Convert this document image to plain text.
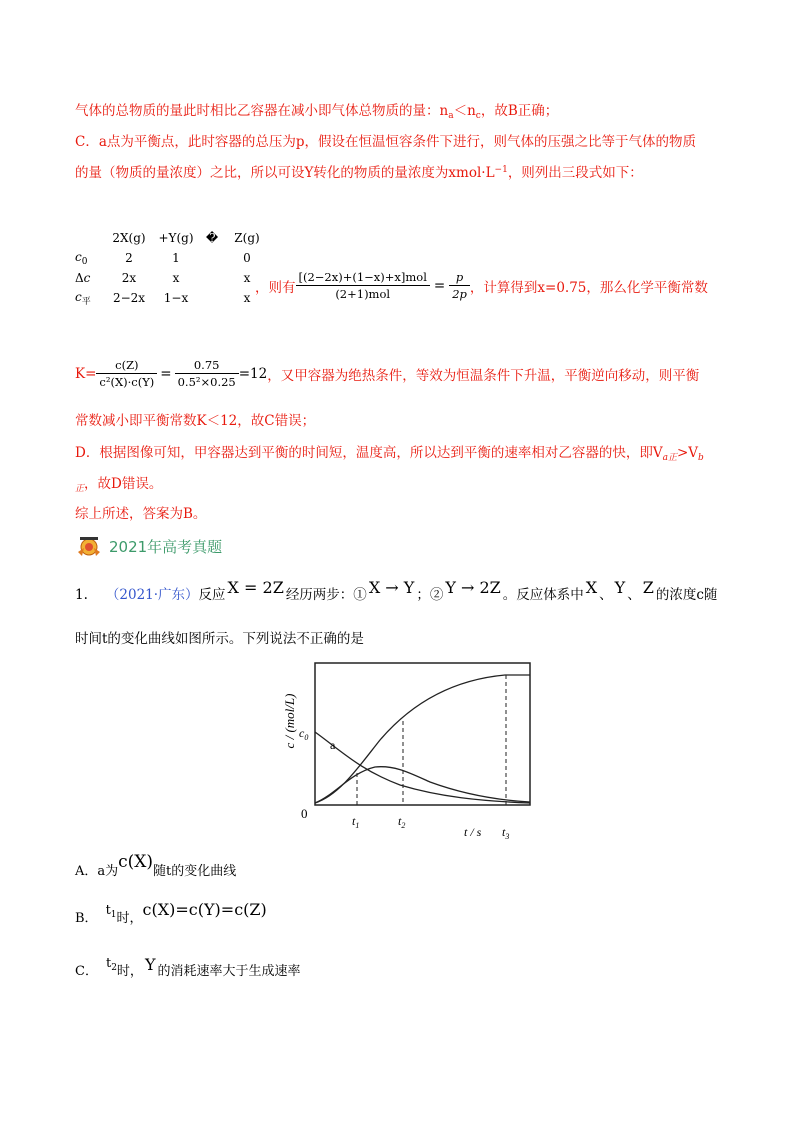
气体的总物质的量此时相比乙容器在减小即气体总物质的量：$n_a<n_c$，故B正确；
C．a点为平衡点，此时容器的总压为p，假设在恒温恒容条件下进行，则气体的压强之比等于气体的物质
的量（物质的量浓度）之比，所以可设Y转化的物质的量浓度为$xmol\cdot L^{-1}$，则列出三段式如下：
	2X(g)	+Y(g)	�	Z(g)
$c_0$	2	1		0
Δc	2x	x		x
$c_平$	2−2x	1−x		x
，则有 $\frac{\text{[(2−2x)+(1−x)+x]mol}}{\text{(2+1)mol}} = \frac{p}{2p}$ ，计算得到x=0.75，那么化学平衡常数
$K= \frac{c(Z)}{\text{c²(X)·c(Y)}} = \frac{0.75}{\text{0.5²×0.25}} =12$ ，又甲容器为绝热条件，等效为恒温条件下升温，平衡逆向移动，则平衡
常数减小即平衡常数K＜12，故C错误；
D．根据图像可知，甲容器达到平衡的时间短，温度高，所以达到平衡的速率相对乙容器的快，即$V_{a正}>V_b$
$_正$，故D错误。
综上所述，答案为B。
2021年高考真题
1. （2021·广东） 反应 X = 2Z 经历两步：① X → Y ；② Y → 2Z 。反应体系中 X 、 Y 、 Z 的浓度c随
时间t的变化曲线如图所示。下列说法不正确的是
c / (mol/L) $c_0$
a
0	$t_1$	$t_2$	t / s $t_3$
A．a为 c(X) 随t的变化曲线
B．
$t_1$ 时， c(X)=c(Y)=c(Z)
C．
$t_2$ 时， Y 的消耗速率大于生成速率
